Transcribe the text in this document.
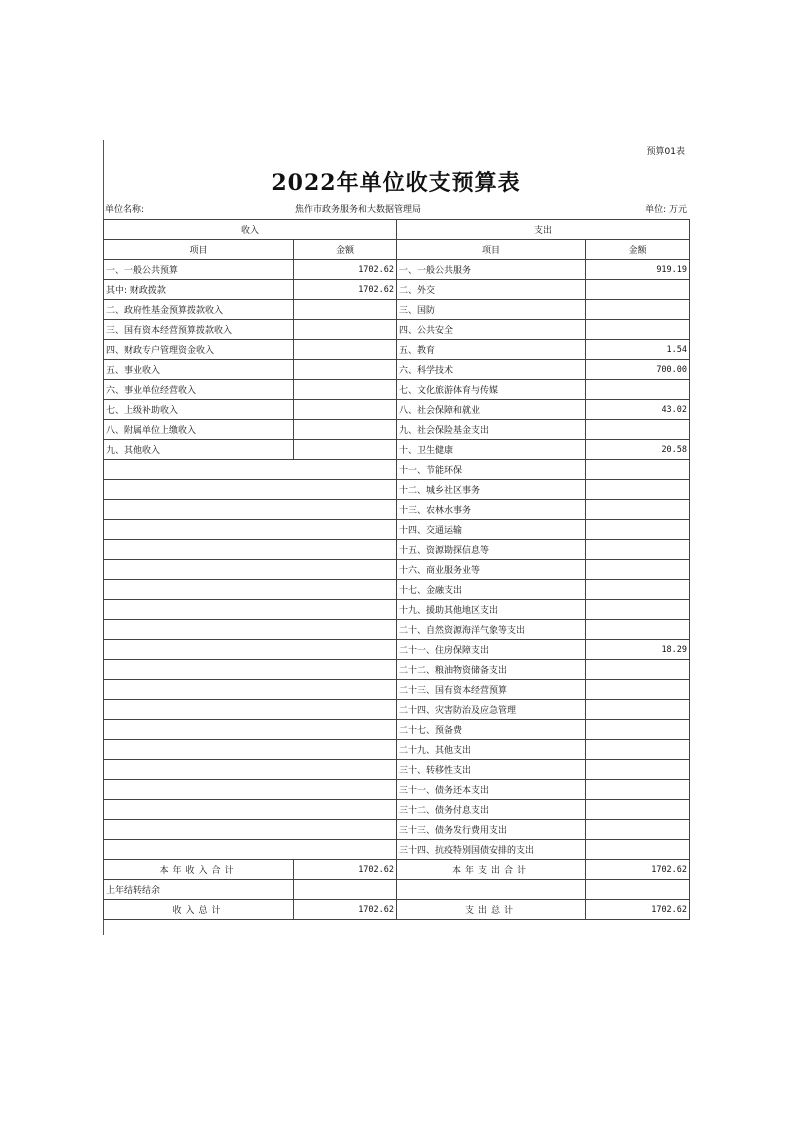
预算01表
2022年单位收支预算表
单位名称:	焦作市政务服务和大数据管理局	单位: 万元
收入		支出	
项目	金额	项目	金额
一、一般公共预算	1702.62	一、一般公共服务	919.19
其中: 财政拨款	1702.62	二、外交	
二、政府性基金预算拨款收入		三、国防	
三、国有资本经营预算拨款收入		四、公共安全	
四、财政专户管理资金收入		五、教育	1.54
五、事业收入		六、科学技术	700.00
六、事业单位经营收入		七、文化旅游体育与传媒	
七、上级补助收入		八、社会保障和就业	43.02
八、附属单位上缴收入		九、社会保险基金支出	
九、其他收入		十、卫生健康	20.58
		十一、节能环保	
		十二、城乡社区事务	
		十三、农林水事务	
		十四、交通运输	
		十五、资源勘探信息等	
		十六、商业服务业等	
		十七、金融支出	
		十九、援助其他地区支出	
		二十、自然资源海洋气象等支出	
		二十一、住房保障支出	18.29
		二十二、粮油物资储备支出	
		二十三、国有资本经营预算	
		二十四、灾害防治及应急管理	
		二十七、预备费	
		二十九、其他支出	
		三十、转移性支出	
		三十一、债务还本支出	
		三十二、债务付息支出	
		三十三、债务发行费用支出	
		三十四、抗疫特别国债安排的支出	
本年收入合计	1702.62	本年支出合计	1702.62
上年结转结余			
收入总计	1702.62	支出总计	1702.62
